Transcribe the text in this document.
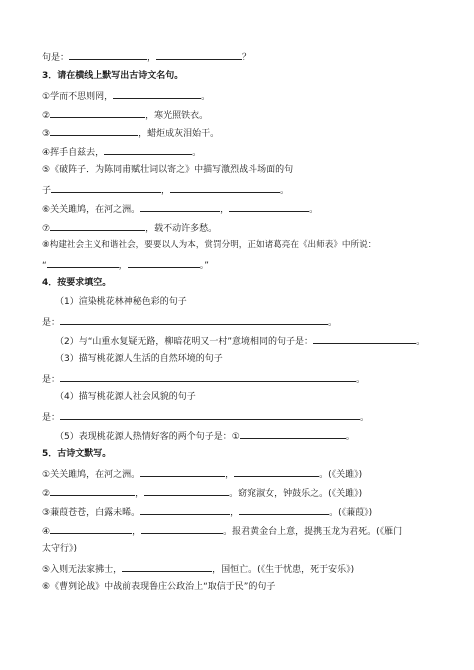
句是：	，	？
3．请在横线上默写出古诗文名句。
①学而不思则罔，	。
②	，寒光照铁衣。
③	，蜡炬成灰泪始干。
④挥手自兹去，	。
⑤《破阵子．为陈同甫赋壮词以寄之》中描写激烈战斗场面的句
子	，	。
⑥关关雎鸠，在河之洲。	，	。
⑦	，载不动许多愁。
⑧构建社会主义和谐社会，要要以人为本，赏罚分明，正如诸葛亮在《出师表》中所说：
“	，	。”
4．按要求填空。
（1）渲染桃花林神秘色彩的句子
是：	。
（2）与“山重水复疑无路，柳暗花明又一村”意境相同的句子是：	。
（3）描写桃花源人生活的自然环境的句子
是：	。
（4）描写桃花源人社会风貌的句子
是：	。
（5）表现桃花源人热情好客的两个句子是：①	。
5．古诗文默写。
①关关雎鸠，在河之洲。	，	。(《关雎》)
②	，	。窈窕淑女，钟鼓乐之。(《关雎》)
③蒹葭苍苍，白露未晞。	，	。(《蒹葭》)
④	，	。报君黄金台上意，提携玉龙为君死。(《雁门
太守行》)
⑤入则无法家拂士，	，国恒亡。(《生于忧患，死于安乐》)
⑥《曹刿论战》中战前表现鲁庄公政治上“取信于民”的句子
